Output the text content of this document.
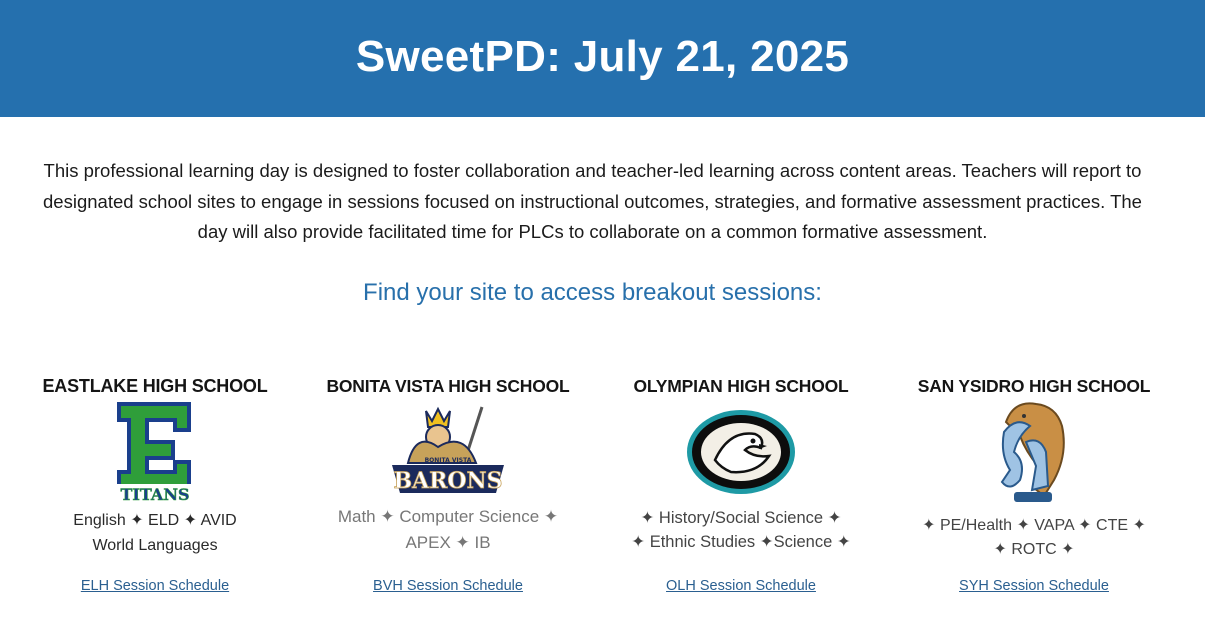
SweetPD: July 21, 2025

This professional learning day is designed to foster collaboration and teacher-led learning across content areas. Teachers will report to designated school sites to engage in sessions focused on instructional outcomes, strategies, and formative assessment practices. The day will also provide facilitated time for PLCs to collaborate on a common formative assessment.

Find your site to access breakout sessions:
EASTLAKE HIGH SCHOOL
TITANS
English ✦ ELD ✦ AVID
World Languages
ELH Session Schedule
BONITA VISTA HIGH SCHOOL
BONITA VISTA
BARONS
Math ✦ Computer Science ✦
APEX ✦ IB
BVH Session Schedule
OLYMPIAN HIGH SCHOOL
✦ History/Social Science ✦
✦ Ethnic Studies ✦Science ✦
OLH Session Schedule
SAN YSIDRO HIGH SCHOOL
✦ PE/Health ✦ VAPA ✦ CTE ✦
✦ ROTC ✦
SYH Session Schedule
